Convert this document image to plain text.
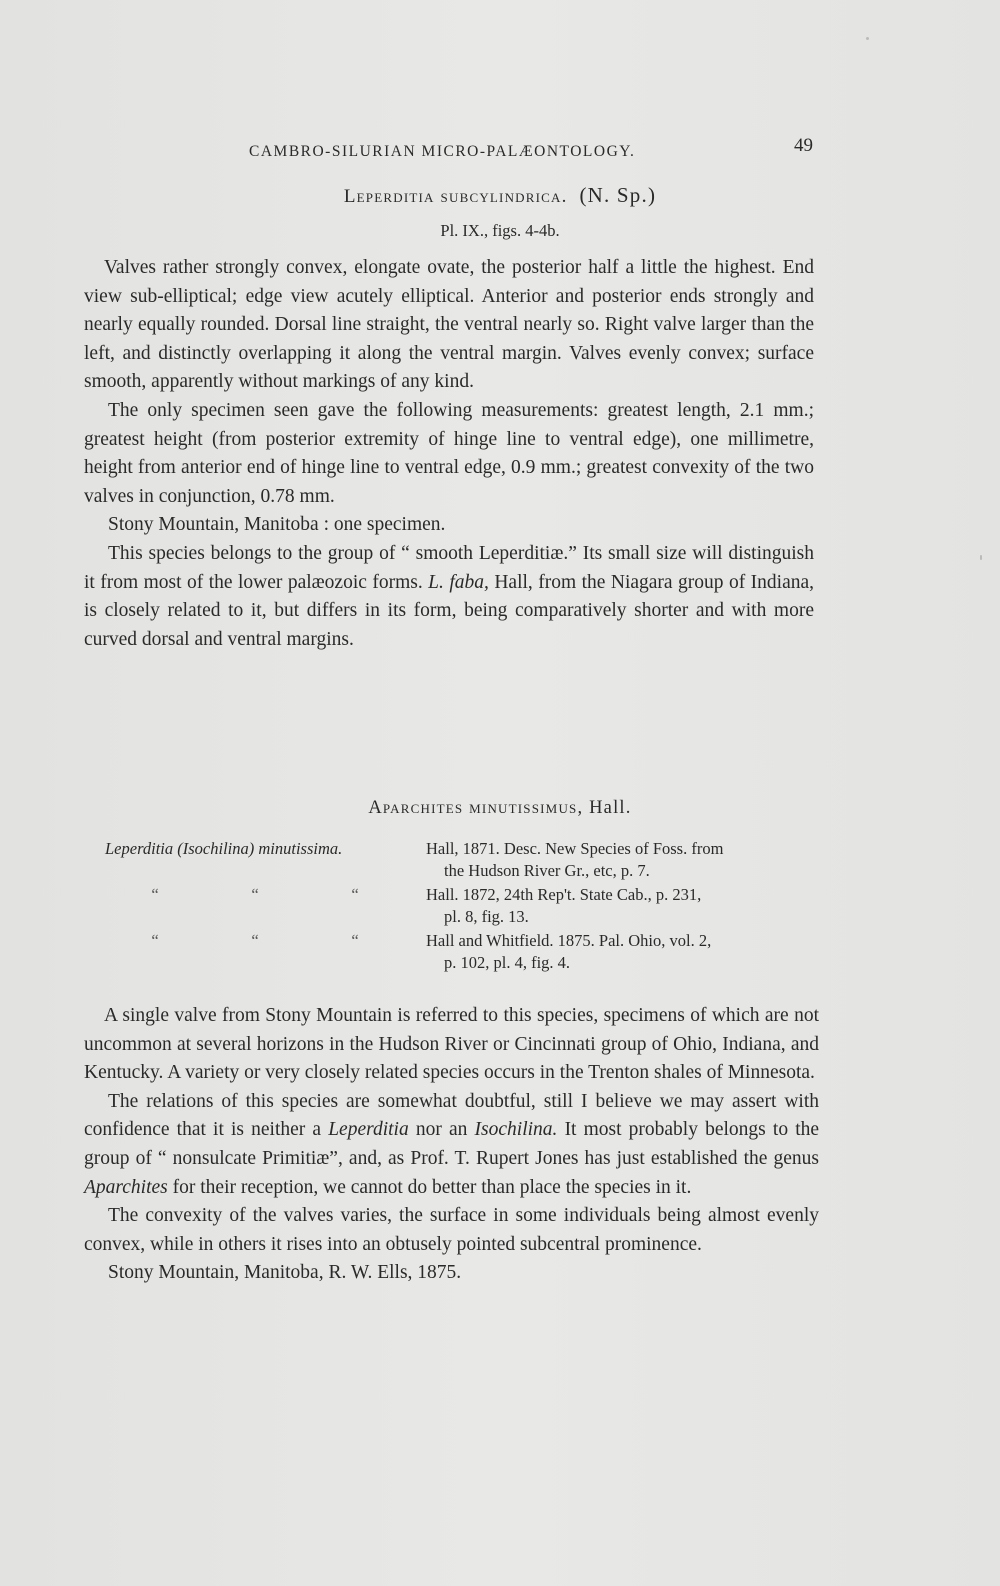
CAMBRO-SILURIAN MICRO-PALÆONTOLOGY.	49
Leperditia subcylindrica. (N. Sp.)
Pl. IX., figs. 4-4b.

Valves rather strongly convex, elongate ovate, the posterior half a little the highest. End view sub-elliptical; edge view acutely elliptical. Anterior and posterior ends strongly and nearly equally rounded. Dorsal line straight, the ventral nearly so. Right valve larger than the left, and distinctly overlapping it along the ventral margin. Valves evenly convex; surface smooth, apparently without markings of any kind.

The only specimen seen gave the following measurements: greatest length, 2.1 mm.; greatest height (from posterior extremity of hinge line to ventral edge), one millimetre, height from anterior end of hinge line to ventral edge, 0.9 mm.; greatest convexity of the two valves in conjunction, 0.78 mm.

Stony Mountain, Manitoba : one specimen.

This species belongs to the group of “ smooth Leperditiæ.” Its small size will distinguish it from most of the lower palæozoic forms. L. faba, Hall, from the Niagara group of Indiana, is closely related to it, but differs in its form, being comparatively shorter and with more curved dorsal and ventral margins.

Aparchites minutissimus, Hall.
Leperditia (Isochilina) minutissima.	Hall, 1871. Desc. New Species of Foss. from
the Hudson River Gr., etc, p. 7.
“	“	“	Hall. 1872, 24th Rep't. State Cab., p. 231,
pl. 8, fig. 13.
“	“	“	Hall and Whitfield. 1875. Pal. Ohio, vol. 2,
p. 102, pl. 4, fig. 4.

A single valve from Stony Mountain is referred to this species, specimens of which are not uncommon at several horizons in the Hudson River or Cincinnati group of Ohio, Indiana, and Kentucky. A variety or very closely related species occurs in the Trenton shales of Minnesota.

The relations of this species are somewhat doubtful, still I believe we may assert with confidence that it is neither a Leperditia nor an Isochilina. It most probably belongs to the group of “ nonsulcate Primitiæ”, and, as Prof. T. Rupert Jones has just established the genus Aparchites for their reception, we cannot do better than place the species in it.

The convexity of the valves varies, the surface in some individuals being almost evenly convex, while in others it rises into an obtusely pointed subcentral prominence.

Stony Mountain, Manitoba, R. W. Ells, 1875.
